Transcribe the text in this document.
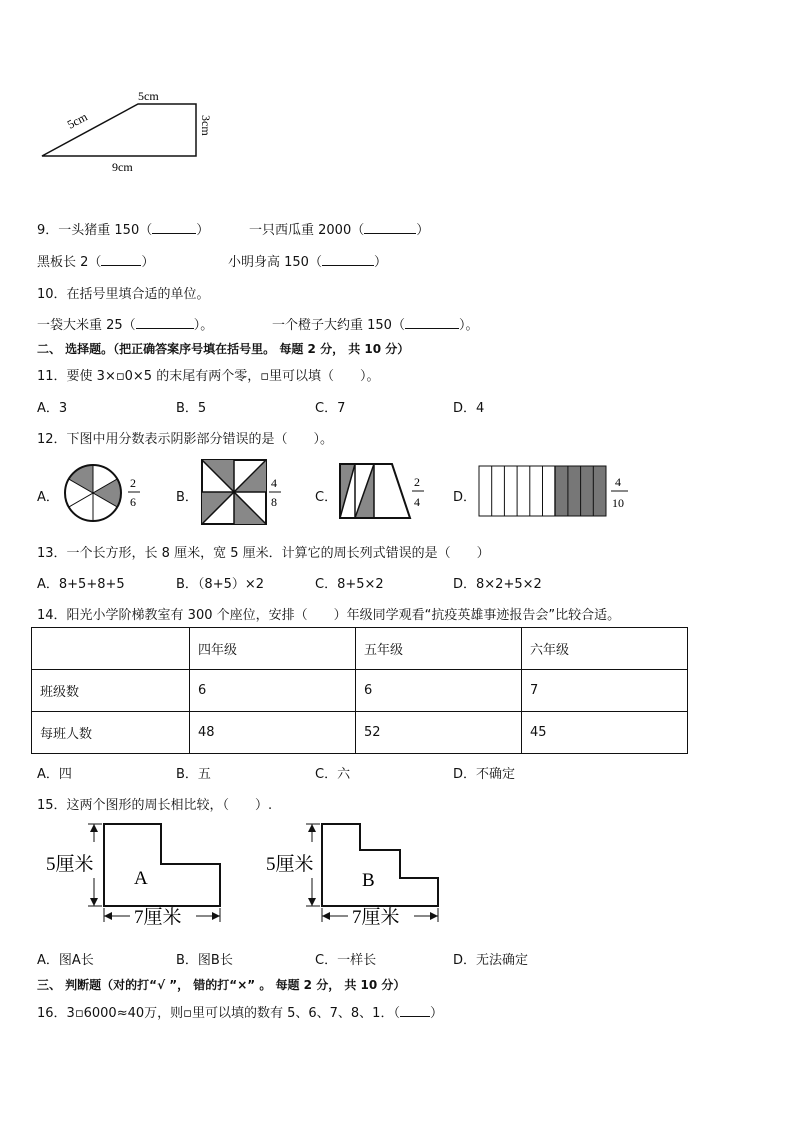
5cm
5cm	3cm
9cm
9．一头猪重 150（	）	一只西瓜重 2000（	）
黑板长 2（	）	小明身高 150（	）
10．在括号里填合适的单位。
一袋大米重 25（	）。	一个橙子大约重 150（	）。
二、 选择题。（把正确答案序号填在括号里。 每题 2 分， 共 10 分）
11．要使 3×▫0×5 的末尾有两个零，▫里可以填（　　）。
A．3	B．5	C．7	D．4
12．下图中用分数表示阴影部分错误的是（　　）。
A．
2
6	B．
4
8	C．
2
4	D．
4
10
13．一个长方形，长 8 厘米，宽 5 厘米．计算它的周长列式错误的是（　　）
A．8+5+8+5	B．（8+5）×2	C．8+5×2	D．8×2+5×2
14．阳光小学阶梯教室有 300 个座位，安排（　　）年级同学观看“抗疫英雄事迹报告会”比较合适。
	四年级	五年级	六年级
班级数	6	6	7
每班人数	48	52	45
A．四	B．五	C．六	D．不确定
15．这两个图形的周长相比较，（　　）.
5厘米
7厘米
A
5厘米
7厘米
B
A．图A长	B．图B长	C．一样长	D．无法确定
三、 判断题（对的打“√ ”， 错的打“×” 。 每题 2 分， 共 10 分）
16．3▫6000≈40万，则▫里可以填的数有 5、6、7、8、1．（ ）
